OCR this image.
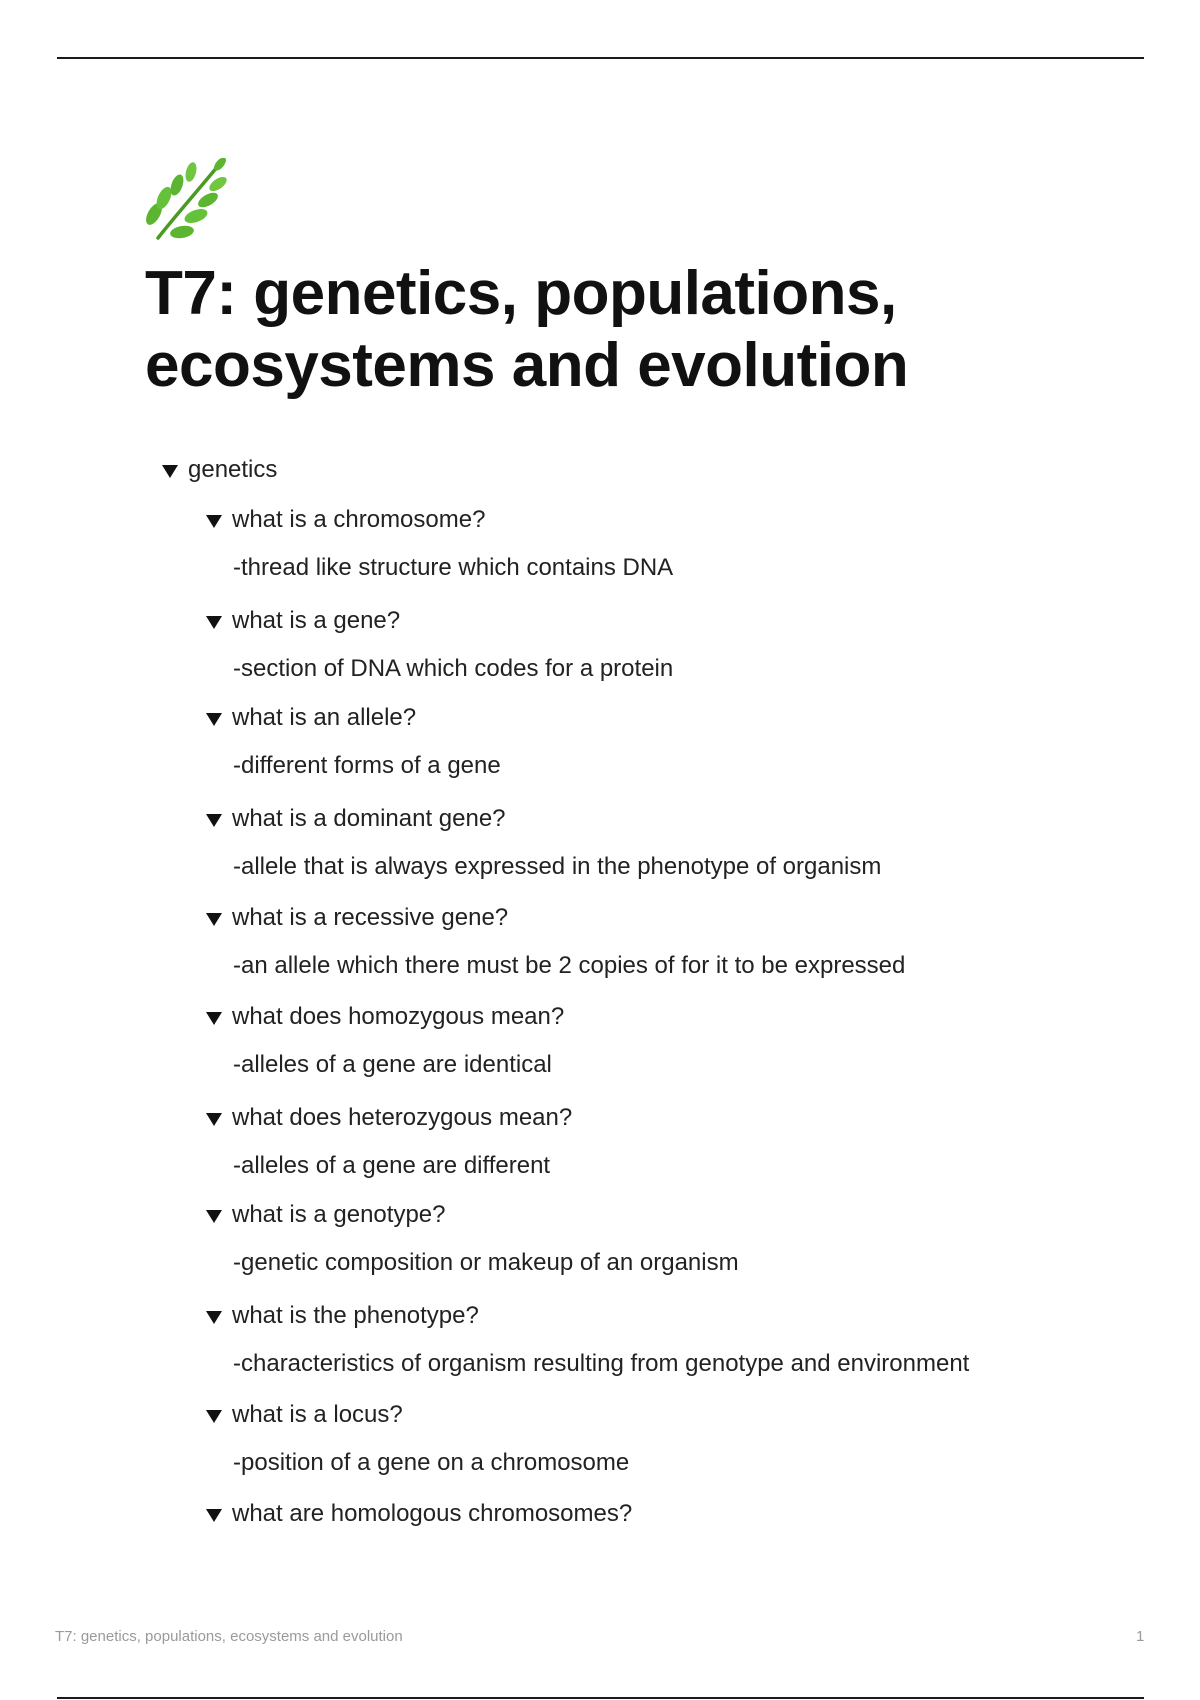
T7: genetics, populations, ecosystems and evolution
genetics
what is a chromosome?
-thread like structure which contains DNA
what is a gene?
-section of DNA which codes for a protein
what is an allele?
-different forms of a gene
what is a dominant gene?
-allele that is always expressed in the phenotype of organism
what is a recessive gene?
-an allele which there must be 2 copies of for it to be expressed
what does homozygous mean?
-alleles of a gene are identical
what does heterozygous mean?
-alleles of a gene are different
what is a genotype?
-genetic composition or makeup of an organism
what is the phenotype?
-characteristics of organism resulting from genotype and environment
what is a locus?
-position of a gene on a chromosome
what are homologous chromosomes?
T7: genetics, populations, ecosystems and evolution	1
